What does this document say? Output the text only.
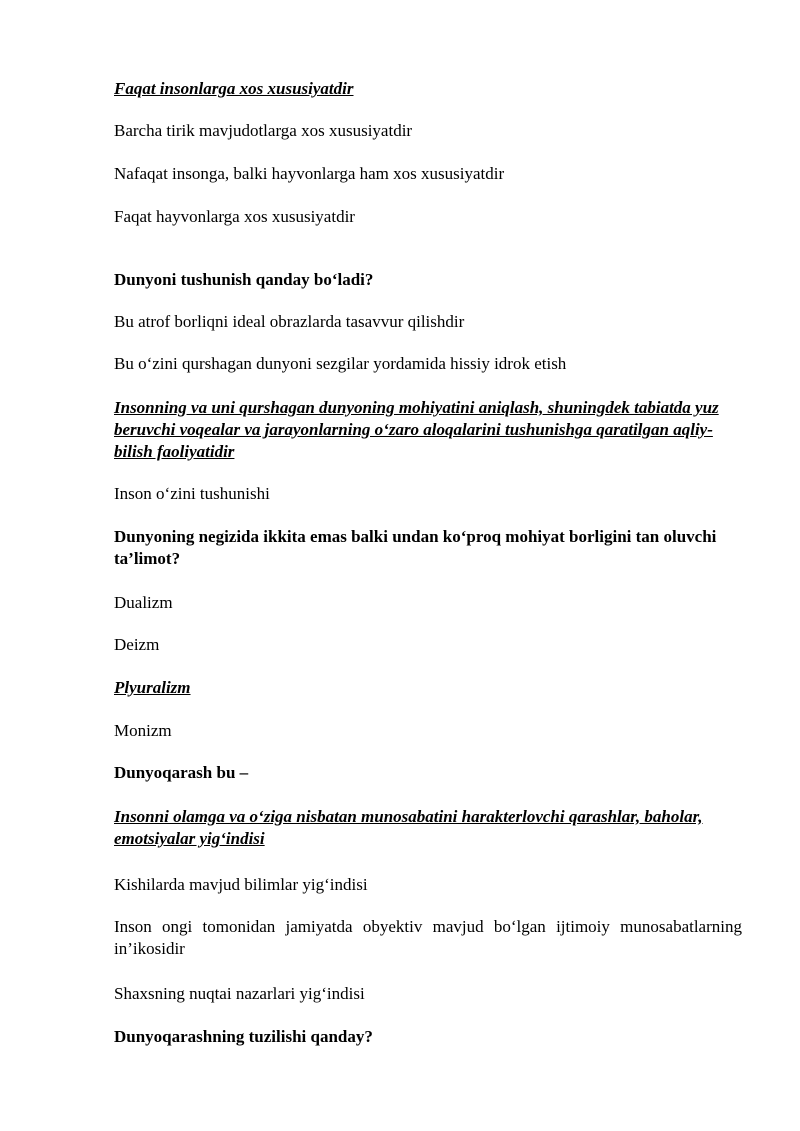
Faqat insonlarga xos xususiyatdir

Barcha tirik mavjudotlarga xos xususiyatdir

Nafaqat insonga, balki hayvonlarga ham xos xususiyatdir

Faqat hayvonlarga xos xususiyatdir

Dunyoni tushunish qanday bo‘ladi?

Bu atrof borliqni ideal obrazlarda tasavvur qilishdir

Bu o‘zini qurshagan dunyoni sezgilar yordamida hissiy idrok etish

Insonning va uni qurshagan dunyoning mohiyatini aniqlash, shuningdek tabiatda yuz beruvchi voqealar va jarayonlarning o‘zaro aloqalarini tushunishga qaratilgan aqliy-bilish faoliyatidir

Inson o‘zini tushunishi

Dunyoning negizida ikkita emas balki undan ko‘proq mohiyat borligini tan oluvchi ta’limot?

Dualizm

Deizm

Plyuralizm

Monizm

Dunyoqarash bu –

Insonni olamga va o‘ziga nisbatan munosabatini harakterlovchi qarashlar, baholar, emotsiyalar yig‘indisi

Kishilarda mavjud bilimlar yig‘indisi

Inson ongi tomonidan jamiyatda obyektiv mavjud bo‘lgan ijtimoiy munosabatlarning in’ikosidir

Shaxsning nuqtai nazarlari yig‘indisi

Dunyoqarashning tuzilishi qanday?
